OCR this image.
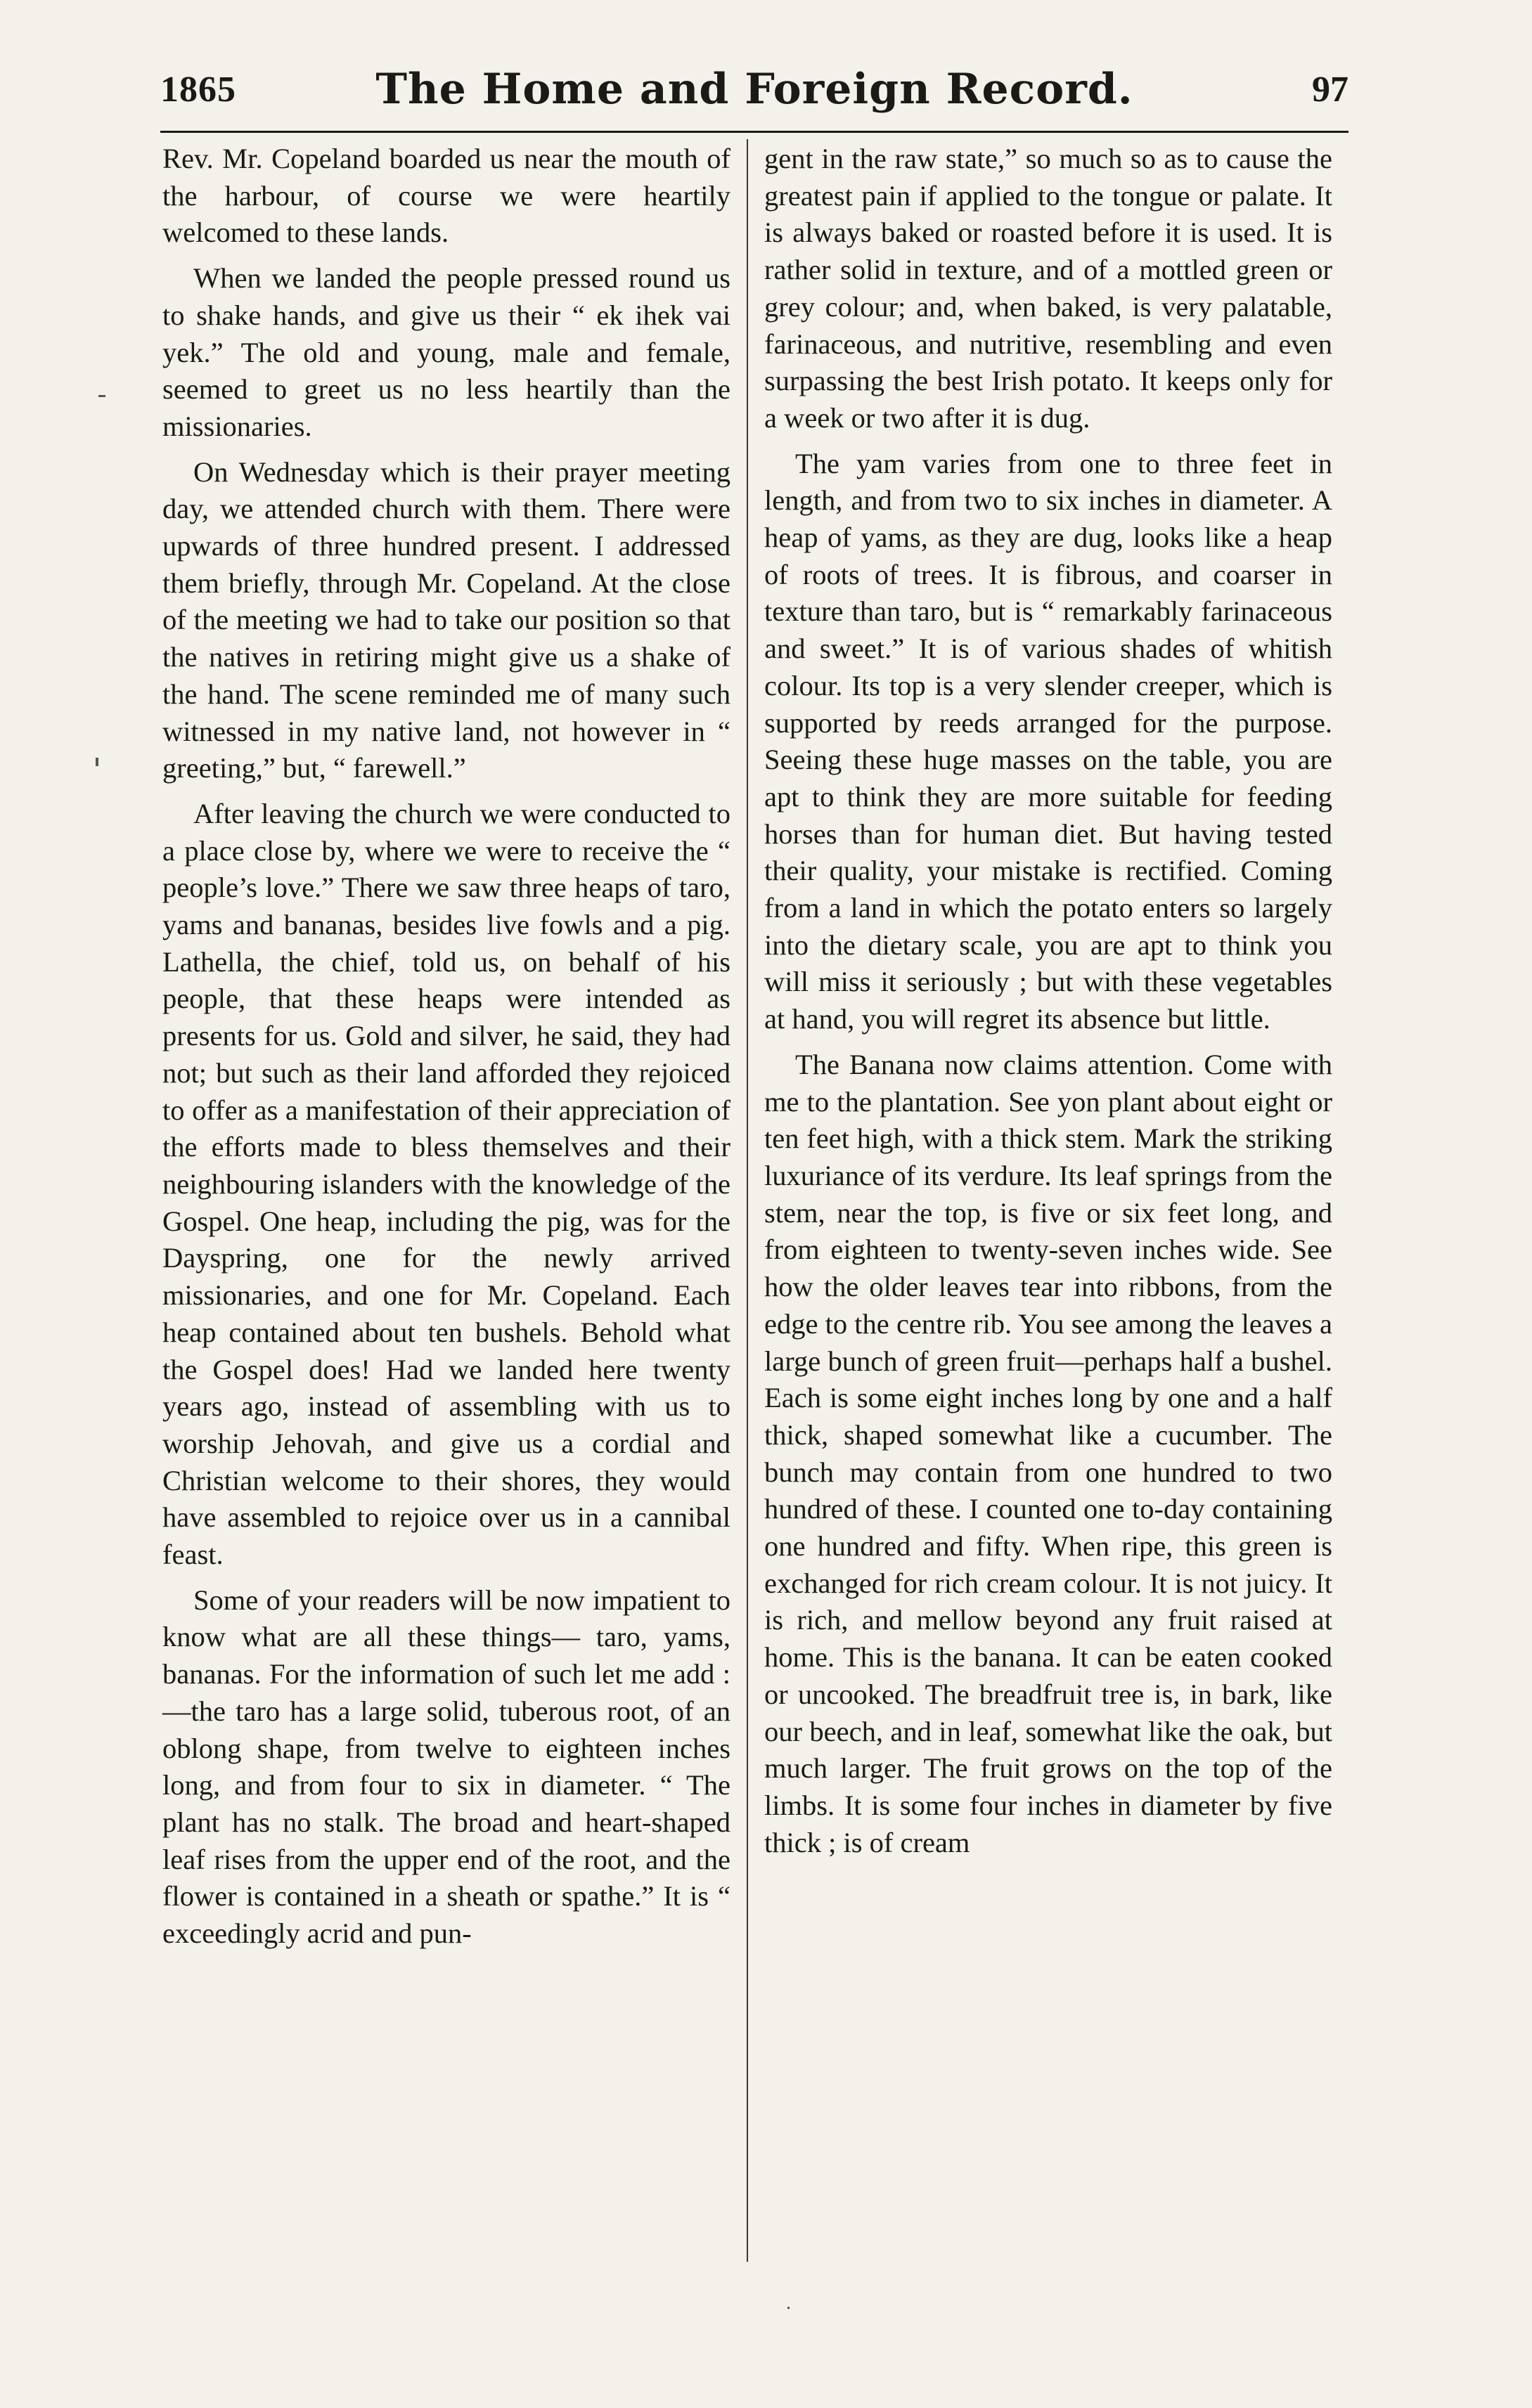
1865	The Home and Foreign Record.	97

Rev. Mr. Copeland boarded us near the mouth of the harbour, of course we were heartily welcomed to these lands.

When we landed the people pressed round us to shake hands, and give us their “ ek ihek vai yek.” The old and young, male and female, seemed to greet us no less heartily than the missionaries.

On Wednesday which is their prayer meeting day, we attended church with them. There were upwards of three hundred present. I addressed them briefly, through Mr. Copeland. At the close of the meeting we had to take our position so that the natives in retiring might give us a shake of the hand. The scene reminded me of many such witnessed in my native land, not however in “ greeting,” but, “ farewell.”

After leaving the church we were conducted to a place close by, where we were to receive the “ people’s love.” There we saw three heaps of taro, yams and bananas, besides live fowls and a pig. Lathella, the chief, told us, on behalf of his people, that these heaps were intended as presents for us. Gold and silver, he said, they had not; but such as their land afforded they rejoiced to offer as a manifestation of their appreciation of the efforts made to bless themselves and their neighbouring islanders with the knowledge of the Gospel. One heap, including the pig, was for the Dayspring, one for the newly arrived missionaries, and one for Mr. Copeland. Each heap contained about ten bushels. Behold what the Gospel does! Had we landed here twenty years ago, instead of assembling with us to worship Jehovah, and give us a cordial and Christian welcome to their shores, they would have assembled to rejoice over us in a cannibal feast.

Some of your readers will be now impatient to know what are all these things— taro, yams, bananas. For the information of such let me add :—the taro has a large solid, tuberous root, of an oblong shape, from twelve to eighteen inches long, and from four to six in diameter. “ The plant has no stalk. The broad and heart-shaped leaf rises from the upper end of the root, and the flower is contained in a sheath or spathe.” It is “ exceedingly acrid and pun-

gent in the raw state,” so much so as to cause the greatest pain if applied to the tongue or palate. It is always baked or roasted before it is used. It is rather solid in texture, and of a mottled green or grey colour; and, when baked, is very palatable, farinaceous, and nutritive, resembling and even surpassing the best Irish potato. It keeps only for a week or two after it is dug.

The yam varies from one to three feet in length, and from two to six inches in diameter. A heap of yams, as they are dug, looks like a heap of roots of trees. It is fibrous, and coarser in texture than taro, but is “ remarkably farinaceous and sweet.” It is of various shades of whitish colour. Its top is a very slender creeper, which is supported by reeds arranged for the purpose. Seeing these huge masses on the table, you are apt to think they are more suitable for feeding horses than for human diet. But having tested their quality, your mistake is rectified. Coming from a land in which the potato enters so largely into the dietary scale, you are apt to think you will miss it seriously ; but with these vegetables at hand, you will regret its absence but little.

The Banana now claims attention. Come with me to the plantation. See yon plant about eight or ten feet high, with a thick stem. Mark the striking luxuriance of its verdure. Its leaf springs from the stem, near the top, is five or six feet long, and from eighteen to twenty-seven inches wide. See how the older leaves tear into ribbons, from the edge to the centre rib. You see among the leaves a large bunch of green fruit—perhaps half a bushel. Each is some eight inches long by one and a half thick, shaped somewhat like a cucumber. The bunch may contain from one hundred to two hundred of these. I counted one to-day containing one hundred and fifty. When ripe, this green is exchanged for rich cream colour. It is not juicy. It is rich, and mellow beyond any fruit raised at home. This is the banana. It can be eaten cooked or uncooked. The breadfruit tree is, in bark, like our beech, and in leaf, somewhat like the oak, but much larger. The fruit grows on the top of the limbs. It is some four inches in diameter by five thick ; is of cream
